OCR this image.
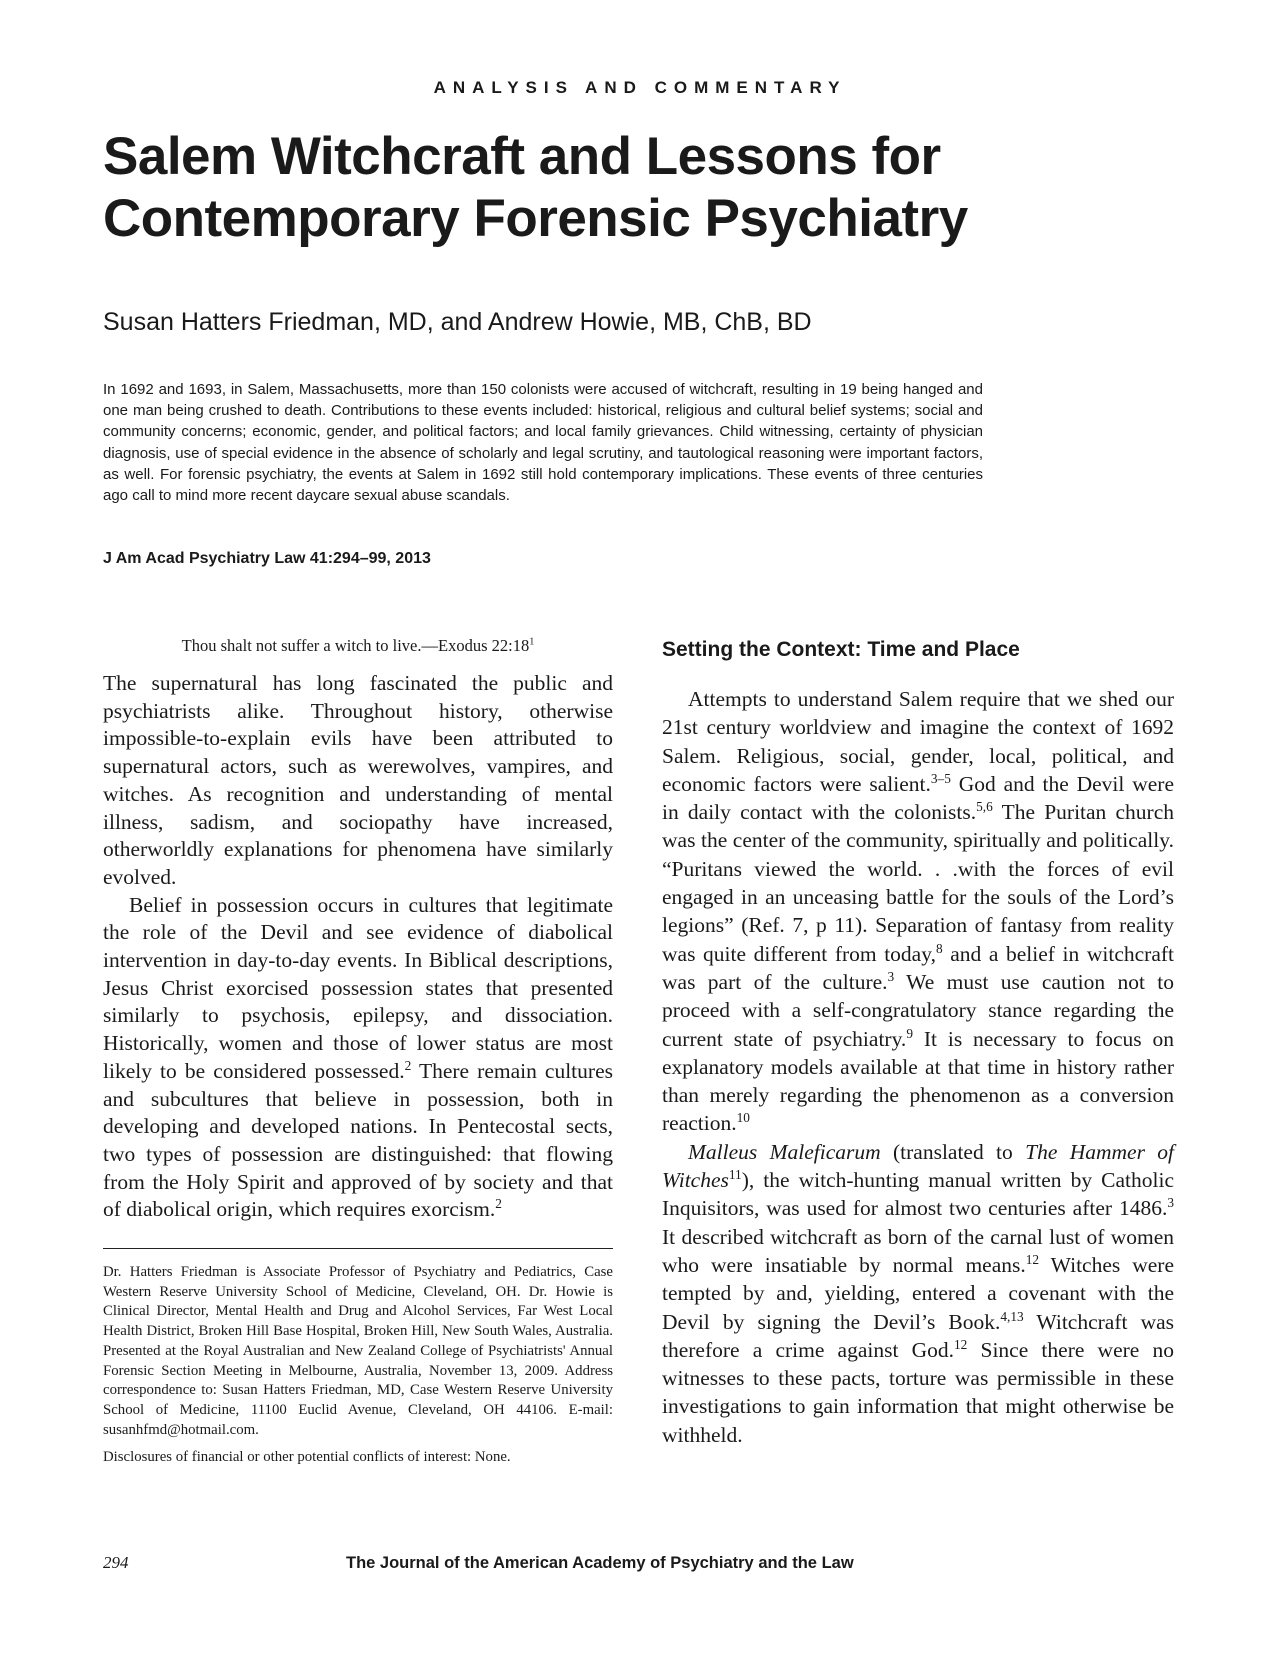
ANALYSIS AND COMMENTARY
Salem Witchcraft and Lessons for
Contemporary Forensic Psychiatry
Susan Hatters Friedman, MD, and Andrew Howie, MB, ChB, BD
In 1692 and 1693, in Salem, Massachusetts, more than 150 colonists were accused of witchcraft, resulting in 19 being hanged and one man being crushed to death. Contributions to these events included: historical, religious and cultural belief systems; social and community concerns; economic, gender, and political factors; and local family grievances. Child witnessing, certainty of physician diagnosis, use of special evidence in the absence of scholarly and legal scrutiny, and tautological reasoning were important factors, as well. For forensic psychiatry, the events at Salem in 1692 still hold contemporary implications. These events of three centuries ago call to mind more recent daycare sexual abuse scandals.
J Am Acad Psychiatry Law 41:294–99, 2013
Thou shalt not suffer a witch to live.—Exodus $22:18^1$

The supernatural has long fascinated the public and psychiatrists alike. Throughout history, otherwise impossible-to-explain evils have been attributed to supernatural actors, such as werewolves, vampires, and witches. As recognition and understanding of mental illness, sadism, and sociopathy have increased, otherworldly explanations for phenomena have similarly evolved.

Belief in possession occurs in cultures that legitimate the role of the Devil and see evidence of diabolical intervention in day-to-day events. In Biblical descriptions, Jesus Christ exorcised possession states that presented similarly to psychosis, epilepsy, and dissociation. Historically, women and those of lower status are most likely to be considered possessed.$^2$ There remain cultures and subcultures that believe in possession, both in developing and developed nations. In Pentecostal sects, two types of possession are distinguished: that flowing from the Holy Spirit and approved of by society and that of diabolical origin, which requires exorcism.$^2$

Dr. Hatters Friedman is Associate Professor of Psychiatry and Pediatrics, Case Western Reserve University School of Medicine, Cleveland, OH. Dr. Howie is Clinical Director, Mental Health and Drug and Alcohol Services, Far West Local Health District, Broken Hill Base Hospital, Broken Hill, New South Wales, Australia. Presented at the Royal Australian and New Zealand College of Psychiatrists' Annual Forensic Section Meeting in Melbourne, Australia, November 13, 2009. Address correspondence to: Susan Hatters Friedman, MD, Case Western Reserve University School of Medicine, 11100 Euclid Avenue, Cleveland, OH 44106. E-mail: susanhfmd@hotmail.com.

Disclosures of financial or other potential conflicts of interest: None.

Setting the Context: Time and Place

Attempts to understand Salem require that we shed our 21st century worldview and imagine the context of 1692 Salem. Religious, social, gender, local, political, and economic factors were salient.$^{3-5}$ God and the Devil were in daily contact with the colonists.$^{5,6}$ The Puritan church was the center of the community, spiritually and politically. “Puritans viewed the world. . .with the forces of evil engaged in an unceasing battle for the souls of the Lord’s legions” (Ref. 7, p 11). Separation of fantasy from reality was quite different from today,$^8$ and a belief in witchcraft was part of the culture.$^3$ We must use caution not to proceed with a self-congratulatory stance regarding the current state of psychiatry.$^9$ It is necessary to focus on explanatory models available at that time in history rather than merely regarding the phenomenon as a conversion reaction.$^{10}$

Malleus Maleficarum (translated to The Hammer of Witches$^{11}$), the witch-hunting manual written by Catholic Inquisitors, was used for almost two centuries after 1486.$^3$ It described witchcraft as born of the carnal lust of women who were insatiable by normal means.$^{12}$ Witches were tempted by and, yielding, entered a covenant with the Devil by signing the Devil’s Book.$^{4,13}$ Witchcraft was therefore a crime against God.$^{12}$ Since there were no witnesses to these pacts, torture was permissible in these investigations to gain information that might otherwise be withheld.

294	The Journal of the American Academy of Psychiatry and the Law
